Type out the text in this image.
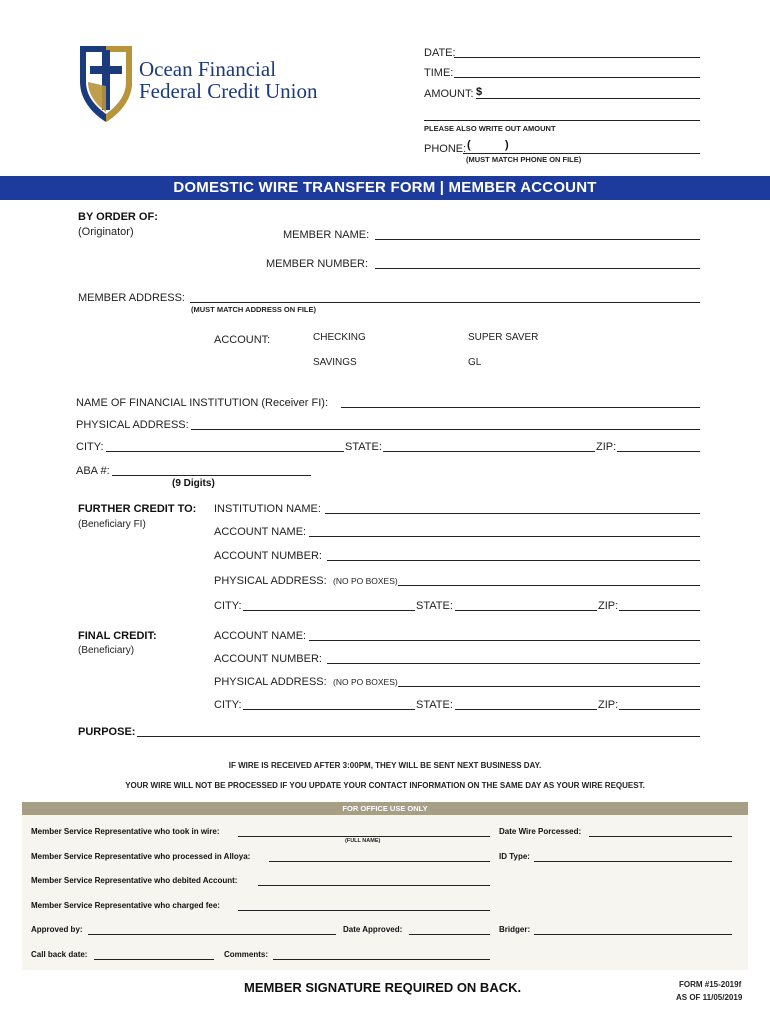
Ocean Financial
Federal Credit Union
DATE:
TIME:
AMOUNT: $
PLEASE ALSO WRITE OUT AMOUNT
PHONE: (	)
(MUST MATCH PHONE ON FILE)
DOMESTIC WIRE TRANSFER FORM | MEMBER ACCOUNT
BY ORDER OF:
(Originator)	MEMBER NAME:
MEMBER NUMBER:
MEMBER ADDRESS:
(MUST MATCH ADDRESS ON FILE)
ACCOUNT:	CHECKING	SUPER SAVER
SAVINGS	GL
NAME OF FINANCIAL INSTITUTION (Receiver FI):
PHYSICAL ADDRESS:
CITY:	STATE:	ZIP:
ABA #:
(9 Digits)
FURTHER CREDIT TO:
(Beneficiary FI)
INSTITUTION NAME:
ACCOUNT NAME:
ACCOUNT NUMBER:
PHYSICAL ADDRESS: (NO PO BOXES)
CITY:	STATE:	ZIP:
FINAL CREDIT:
(Beneficiary)
ACCOUNT NAME:
ACCOUNT NUMBER:
PHYSICAL ADDRESS: (NO PO BOXES)
CITY:	STATE:	ZIP:
PURPOSE:
IF WIRE IS RECEIVED AFTER 3:00PM, THEY WILL BE SENT NEXT BUSINESS DAY.
YOUR WIRE WILL NOT BE PROCESSED IF YOU UPDATE YOUR CONTACT INFORMATION ON THE SAME DAY AS YOUR WIRE REQUEST.
FOR OFFICE USE ONLY
Member Service Representative who took in wire:
(FULL NAME)
Date Wire Porcessed:
Member Service Representative who processed in Alloya:	ID Type:
Member Service Representative who debited Account:
Member Service Representative who charged fee:
Approved by:	Date Approved:	Bridger:
Call back date:	Comments:
MEMBER SIGNATURE REQUIRED ON BACK.	FORM #15-2019f
AS OF 11/05/2019
